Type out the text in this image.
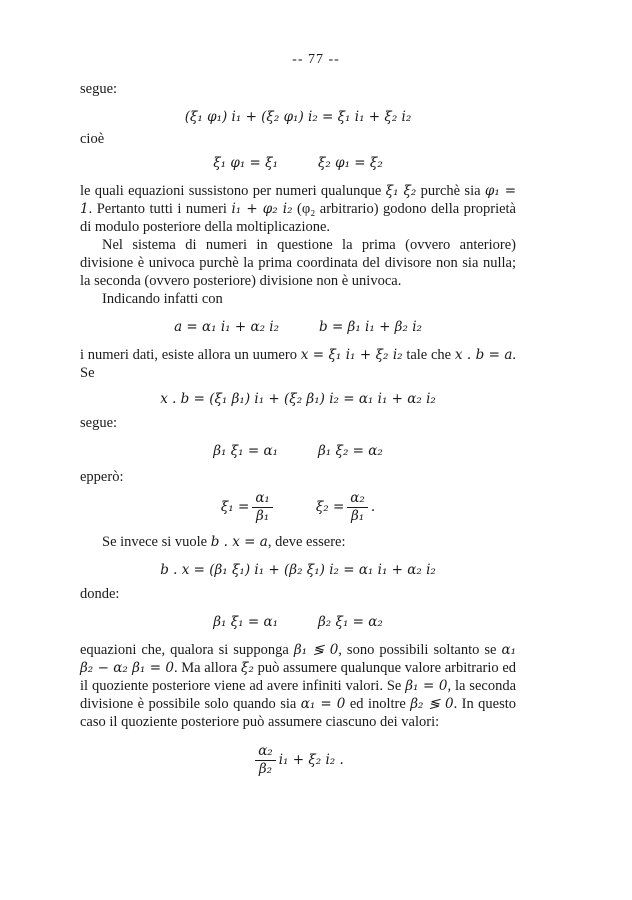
-- 77 --

segue:

(ξ₁ φ₁) i₁ + (ξ₂ φ₁) i₂ = ξ₁ i₁ + ξ₂ i₂

cioè

ξ₁ φ₁ = ξ₁	ξ₂ φ₁ = ξ₂

le quali equazioni sussistono per numeri qualunque ξ₁ ξ₂ purchè sia φ₁ = 1. Pertanto tutti i numeri i₁ + φ₂ i₂ (φ₂ arbitrario) godono della proprietà di modulo posteriore della moltiplicazione.

Nel sistema di numeri in questione la prima (ovvero anteriore) divisione è univoca purchè la prima coordinata del divisore non sia nulla; la seconda (ovvero posteriore) divisione non è univoca.

Indicando infatti con

a = α₁ i₁ + α₂ i₂	b = β₁ i₁ + β₂ i₂

i numeri dati, esiste allora un uumero x = ξ₁ i₁ + ξ₂ i₂ tale che x . b = a. Se

x . b = (ξ₁ β₁) i₁ + (ξ₂ β₁) i₂ = α₁ i₁ + α₂ i₂

segue:

β₁ ξ₁ = α₁	β₁ ξ₂ = α₂

epperò:

$\xi_1 = \frac{\text{α₁}}{\text{β₁}}$	$\xi_2 = \frac{\text{α₂}}{\text{β₁}}$ .

Se invece si vuole b . x = a, deve essere:

b . x = (β₁ ξ₁) i₁ + (β₂ ξ₁) i₂ = α₁ i₁ + α₂ i₂

donde:

β₁ ξ₁ = α₁	β₂ ξ₁ = α₂

equazioni che, qualora si supponga β₁ ≶ 0, sono possibili soltanto se α₁ β₂ − α₂ β₁ = 0. Ma allora ξ₂ può assumere qualunque valore arbitrario ed il quoziente posteriore viene ad avere infiniti valori. Se β₁ = 0, la seconda divisione è possibile solo quando sia α₁ = 0 ed inoltre β₂ ≶ 0. In questo caso il quoziente posteriore può assumere ciascuno dei valori:

$\frac{\text{α₂}}{\text{β₂}} i_1 + \xi_2$ i₂ .
